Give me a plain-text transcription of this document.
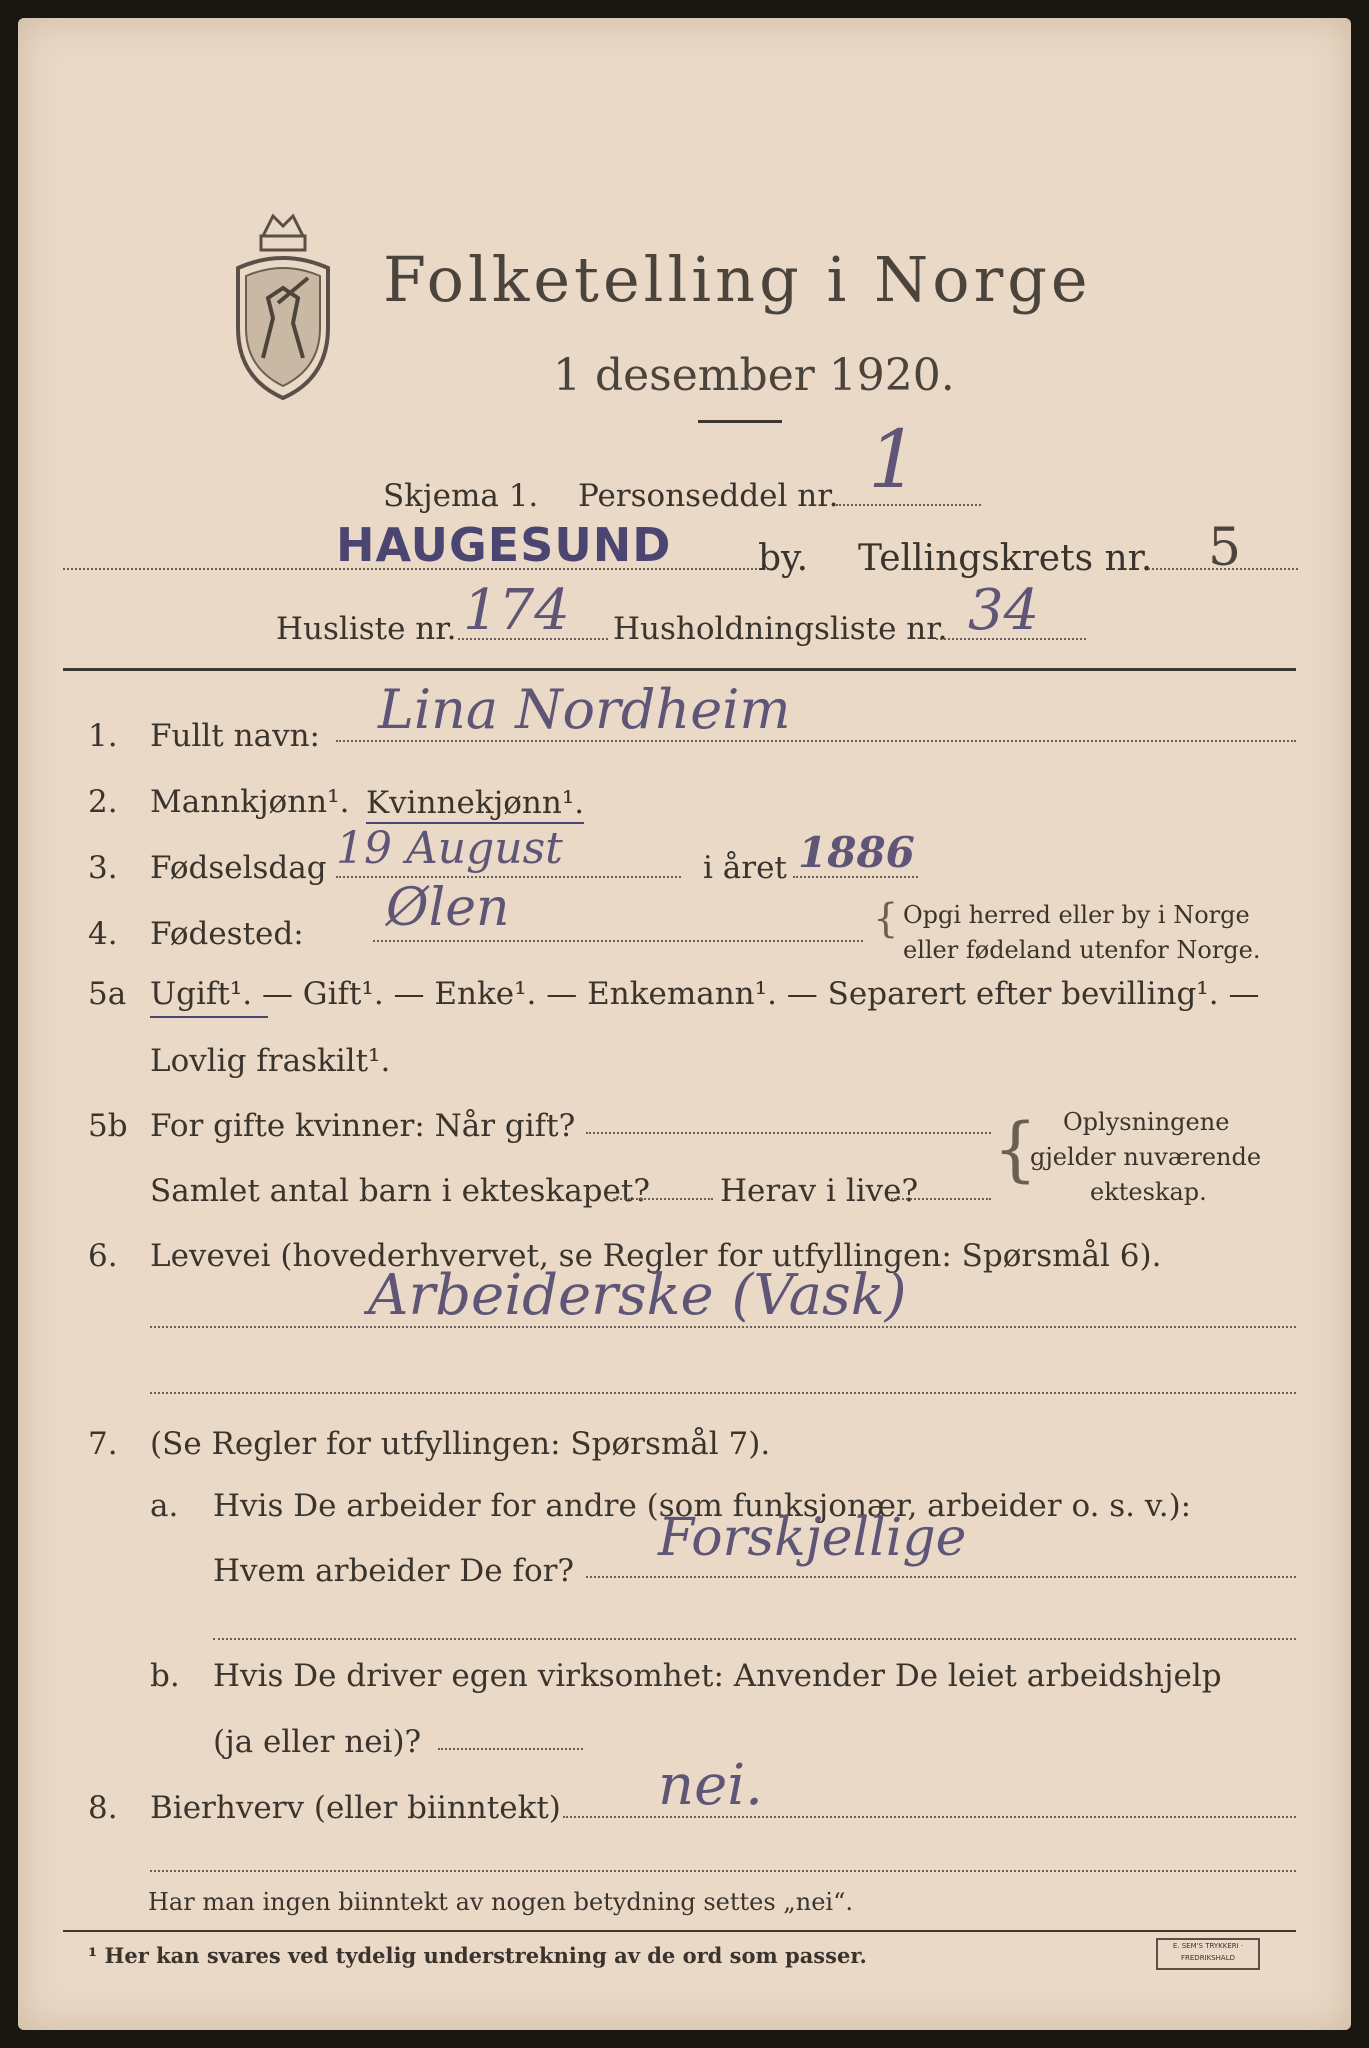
Folketelling i Norge
1 desember 1920.
Skjema 1. Personseddel nr. 1
HAUGESUND by. Tellingskrets nr. 5
Husliste nr. 174 Husholdningsliste nr. 34
1. Fullt navn: Lina Nordheim
2. Mannkjønn¹. Kvinnekjønn¹.
3. Fødselsdag 19 August	i året 1886
4. Fødested: Ølen	{ Opgi herred eller by i Norge
eller fødeland utenfor Norge.
5a Ugift¹. — Gift¹. — Enke¹. — Enkemann¹. — Separert efter bevilling¹. —
Lovlig fraskilt¹.
5b For gifte kvinner: Når gift?
Samlet antal barn i ekteskapet? Herav i live?
{ Oplysningene
gjelder nuværende
ekteskap.
6. Levevei (hovederhvervet, se Regler for utfyllingen: Spørsmål 6).
Arbeiderske (Vask)
7. (Se Regler for utfyllingen: Spørsmål 7).
a. Hvis De arbeider for andre (som funksjonær, arbeider o. s. v.):
Hvem arbeider De for?
Forskjellige
b. Hvis De driver egen virksomhet: Anvender De leiet arbeidshjelp
(ja eller nei)?
8. Bierhverv (eller biinntekt) nei.
Har man ingen biinntekt av nogen betydning settes „nei“.
¹ Her kan svares ved tydelig understrekning av de ord som passer.	E. SEM'S TRYKKERI · FREDRIKSHALD
